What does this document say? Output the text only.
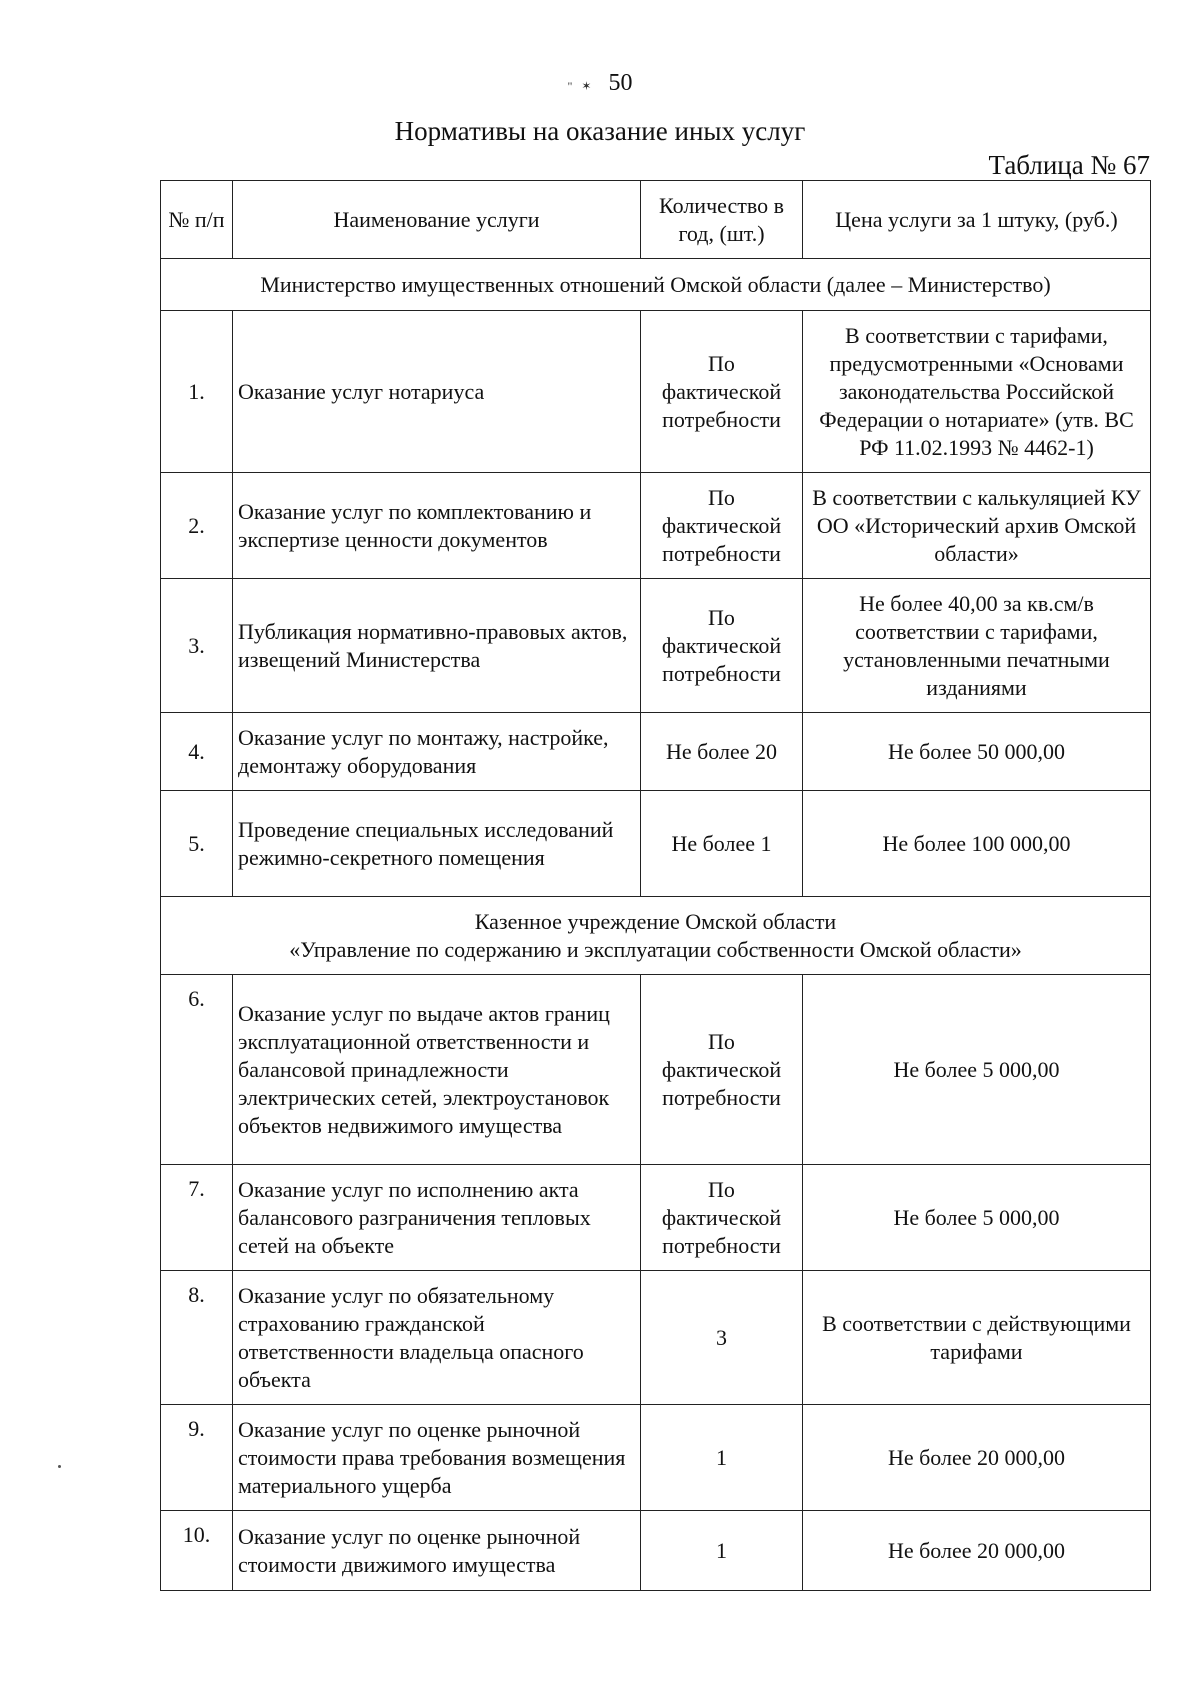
" ✶ 50
Нормативы на оказание иных услуг
Таблица № 67
№ п/п	Наименование услуги	Количество в год, (шт.)	Цена услуги за 1 штуку, (руб.)
Министерство имущественных отношений Омской области (далее – Министерство)			
1.	Оказание услуг нотариуса	По фактической потребности	В соответствии с тарифами, предусмотренными «Основами законодательства Российской Федерации о нотариате» (утв. ВС РФ 11.02.1993 № 4462-1)
2.	Оказание услуг по комплектованию и экспертизе ценности документов	По фактической потребности	В соответствии с калькуляцией КУ ОО «Исторический архив Омской области»
3.	Публикация нормативно-правовых актов, извещений Министерства	По фактической потребности	Не более 40,00 за кв.см/в соответствии с тарифами, установленными печатными изданиями
4.	Оказание услуг по монтажу, настройке, демонтажу оборудования	Не более 20	Не более 50 000,00
5.	Проведение специальных исследований режимно-секретного помещения	Не более 1	Не более 100 000,00

Казенное учреждение Омской области
«Управление по содержанию и эксплуатации собственности Омской области»			

6.	Оказание услуг по выдаче актов границ эксплуатационной ответственности и балансовой принадлежности электрических сетей, электроустановок объектов недвижимого имущества	По фактической потребности	Не более 5 000,00
7.	Оказание услуг по исполнению акта балансового разграничения тепловых сетей на объекте	По фактической потребности	Не более 5 000,00
8.	Оказание услуг по обязательному страхованию гражданской ответственности владельца опасного объекта	3	В соответствии с действующими тарифами
9.	Оказание услуг по оценке рыночной стоимости права требования возмещения материального ущерба	1	Не более 20 000,00
10.	Оказание услуг по оценке рыночной стоимости движимого имущества	1	Не более 20 000,00
